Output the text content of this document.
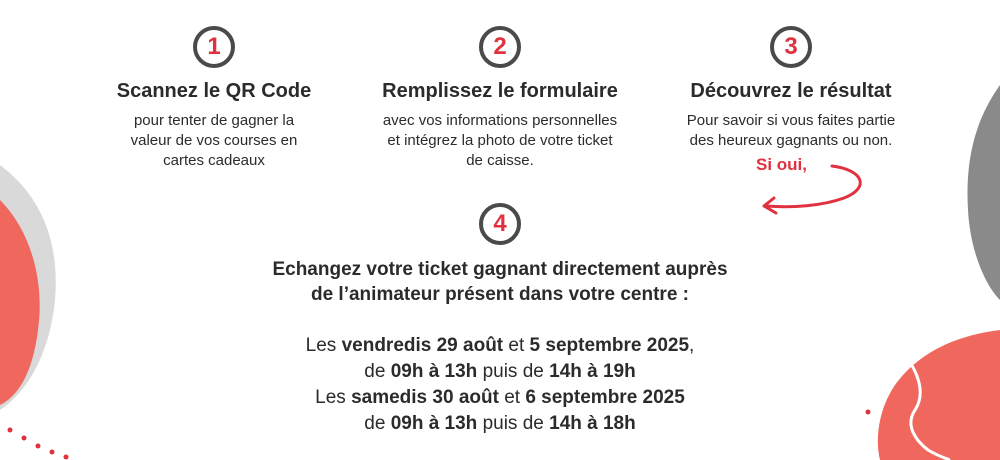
1
Scannez le QR Code
pour tenter de gagner la
valeur de vos courses en
cartes cadeaux
2
Remplissez le formulaire
avec vos informations personnelles
et intégrez la photo de votre ticket
de caisse.
3
Découvrez le résultat
Pour savoir si vous faites partie
des heureux gagnants ou non.
Si oui,
4
Echangez votre ticket gagnant directement auprès
de l’animateur présent dans votre centre :
Les vendredis 29 août et 5 septembre 2025,
de 09h à 13h puis de 14h à 19h
Les samedis 30 août et 6 septembre 2025
de 09h à 13h puis de 14h à 18h
